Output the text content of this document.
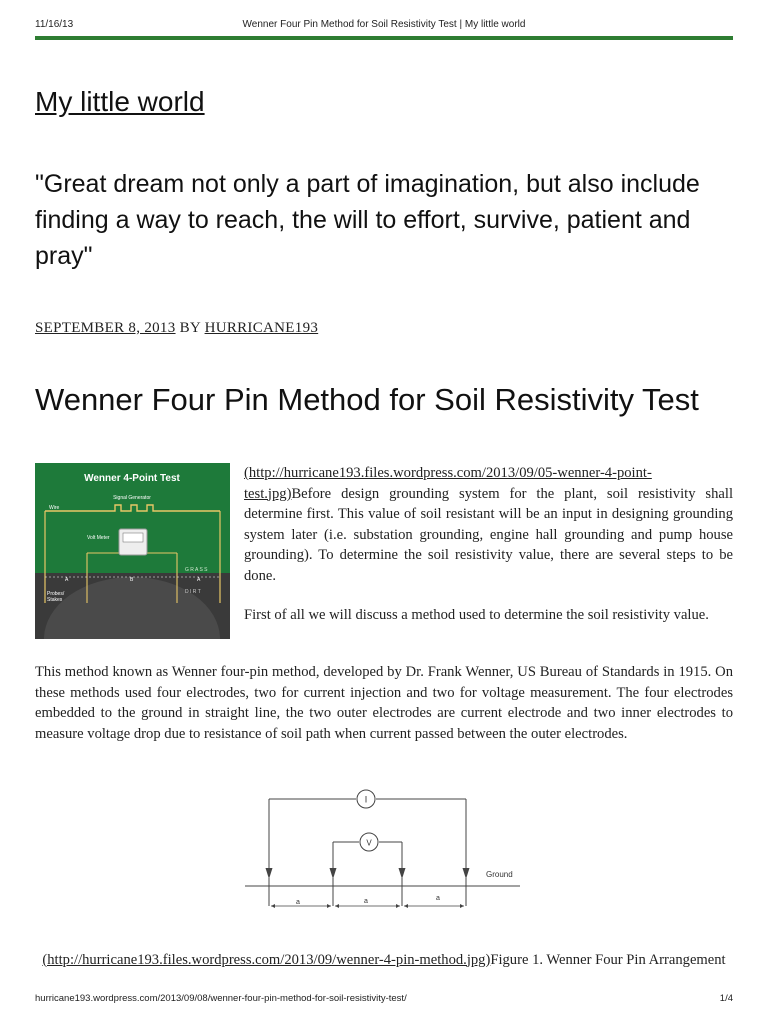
11/16/13	Wenner Four Pin Method for Soil Resistivity Test | My little world
My little world

"Great dream not only a part of imagination, but also include finding a way to reach, the will to effort, survive, patient and pray"

SEPTEMBER 8, 2013 BY HURRICANE193
Wenner Four Pin Method for Soil Resistivity Test
Wenner 4-Point Test
Signal Generator
Wire
Volt Meter
G R A S S
D I R T
A	B	A
Probes/
Stakes

(http://hurricane193.files.wordpress.com/2013/09/05-wenner-4-point-test.jpg)Before design grounding system for the plant, soil resistivity shall determine first. This value of soil resistant will be an input in designing grounding system later (i.e. substation grounding, engine hall grounding and pump house grounding). To determine the soil resistivity value, there are several steps to be done.

First of all we will discuss a method used to determine the soil resistivity value.

This method known as Wenner four-pin method, developed by Dr. Frank Wenner, US Bureau of Standards in 1915. On these methods used four electrodes, two for current injection and two for voltage measurement. The four electrodes embedded to the ground in straight line, the two outer electrodes are current electrode and two inner electrodes to measure voltage drop due to resistance of soil path when current passed between the outer electrodes.

I
V
Ground
a	a	a

(http://hurricane193.files.wordpress.com/2013/09/wenner-4-pin-method.jpg)Figure 1. Wenner Four Pin Arrangement

hurricane193.wordpress.com/2013/09/08/wenner-four-pin-method-for-soil-resistivity-test/	1/4
